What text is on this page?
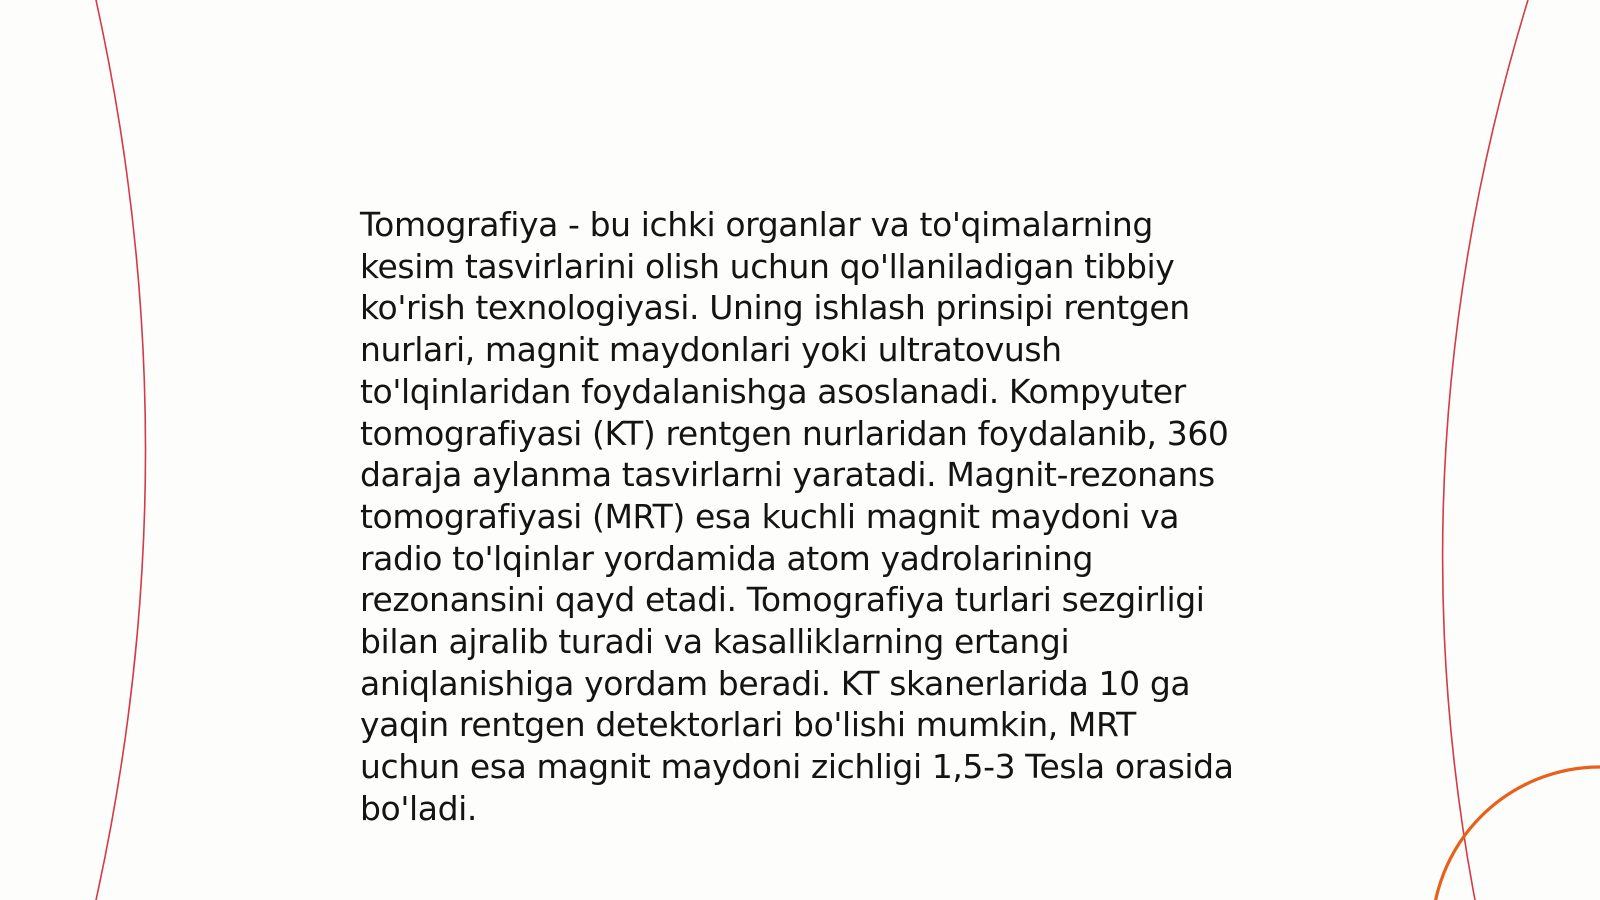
Tomografiya - bu ichki organlar va to'qimalarning
kesim tasvirlarini olish uchun qo'llaniladigan tibbiy
ko'rish texnologiyasi. Uning ishlash prinsipi rentgen
nurlari, magnit maydonlari yoki ultratovush
to'lqinlaridan foydalanishga asoslanadi. Kompyuter
tomografiyasi (KT) rentgen nurlaridan foydalanib, 360
daraja aylanma tasvirlarni yaratadi. Magnit-rezonans
tomografiyasi (MRT) esa kuchli magnit maydoni va
radio to'lqinlar yordamida atom yadrolarining
rezonansini qayd etadi. Tomografiya turlari sezgirligi
bilan ajralib turadi va kasalliklarning ertangi
aniqlanishiga yordam beradi. KT skanerlarida 10 ga
yaqin rentgen detektorlari bo'lishi mumkin, MRT
uchun esa magnit maydoni zichligi 1,5-3 Tesla orasida
bo'ladi.
